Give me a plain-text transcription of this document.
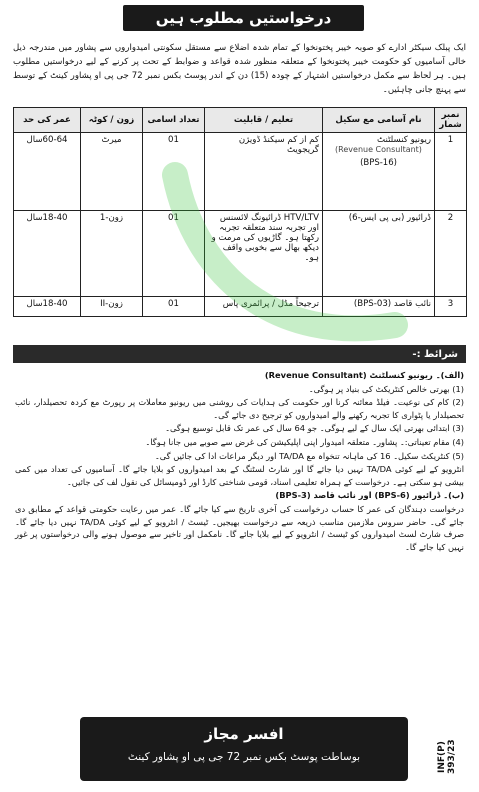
درخواستیں مطلوب ہیں
ایک پبلک سیکٹر ادارے کو صوبہ خیبر پختونخوا کے تمام شدہ اضلاع سے مستقل سکونتی امیدواروں سے پشاور میں مندرجہ ذیل خالی آسامیوں کو حکومت خیبر پختونخوا کے متعلقہ منظور شدہ قواعد و ضوابط کے تحت پر کرنے کے لیے درخواستیں مطلوب ہیں۔ ہر لحاظ سے مکمل درخواستیں اشتہار کے چودہ (15) دن کے اندر پوسٹ بکس نمبر 72 جی پی او پشاور کینٹ کے توسط سے پہنچ جانی چاہئیں۔
نمبر شمار	نام آسامی مع سکیل	تعلیم / قابلیت	تعداد اسامی	زون / کوٹہ	عمر کی حد
1	ریونیو کنسلٹنٹ
(Revenue Consultant)
(BPS-16)	کم از کم سیکنڈ ڈویژن گریجویٹ	01	میرٹ	60-64سال
2	ڈرائیور (بی پی ایس-6)	HTV/LTV ڈرائیونگ لائسنس اور تجربہ سند متعلقہ تجربہ رکھتا ہو۔ گاڑیوں کی مرمت و دیکھ بھال سے بخوبی واقف ہو۔	01	زون-1	18-40سال
3	نائب قاصد (BPS-03)	ترجیحاً مڈل / پرائمری پاس	01	زون-II	18-40سال
شرائط :-

(الف)۔ ریونیو کنسلٹنٹ (Revenue Consultant)

(1) بھرتی خالص کنٹریکٹ کی بنیاد پر ہوگی۔

(2) کام کی نوعیت۔ فیلڈ معائنہ کرنا اور حکومت کی ہدایات کی روشنی میں ریونیو معاملات پر رپورٹ مع کردہ تحصیلدار، نائب تحصیلدار یا پٹواری کا تجربہ رکھنے والے امیدواروں کو ترجیح دی جائے گی۔

(3) ابتدائی بھرتی ایک سال کے لیے ہوگی۔ جو 64 سال کی عمر تک قابل توسیع ہوگی۔

(4) مقام تعیناتی:۔ پشاور۔ متعلقہ امیدوار اپنی اپلیکیشن کی غرض سے صوبے میں جانا ہوگا۔

(5) کنٹریکٹ سکیل۔ 16 کی ماہانہ تنخواہ مع TA/DA اور دیگر مراعات ادا کی جائیں گی۔

انٹرویو کے لیے کوئی TA/DA نہیں دیا جائے گا اور شارٹ لسٹنگ کے بعد امیدواروں کو بلایا جائے گا۔ آسامیوں کی تعداد میں کمی بیشی ہو سکتی ہے۔ درخواست کے ہمراہ تعلیمی اسناد، قومی شناختی کارڈ اور ڈومیسائل کی نقول لف کی جائیں۔

(ب)۔ ڈرائیور (BPS-6) اور نائب قاصد (BPS-3)

درخواست دہندگان کی عمر کا حساب درخواست کی آخری تاریخ سے کیا جائے گا۔ عمر میں رعایت حکومتی قواعد کے مطابق دی جائے گی۔ حاضر سروس ملازمین مناسب ذریعہ سے درخواست بھیجیں۔ ٹیسٹ / انٹرویو کے لیے کوئی TA/DA نہیں دیا جائے گا۔ صرف شارٹ لسٹ امیدواروں کو ٹیسٹ / انٹرویو کے لیے بلایا جائے گا۔ نامکمل اور تاخیر سے موصول ہونے والی درخواستوں پر غور نہیں کیا جائے گا۔

افسر مجاز
بوساطت پوسٹ بکس نمبر 72 جی پی او پشاور کینٹ	INF(P) 393/23
